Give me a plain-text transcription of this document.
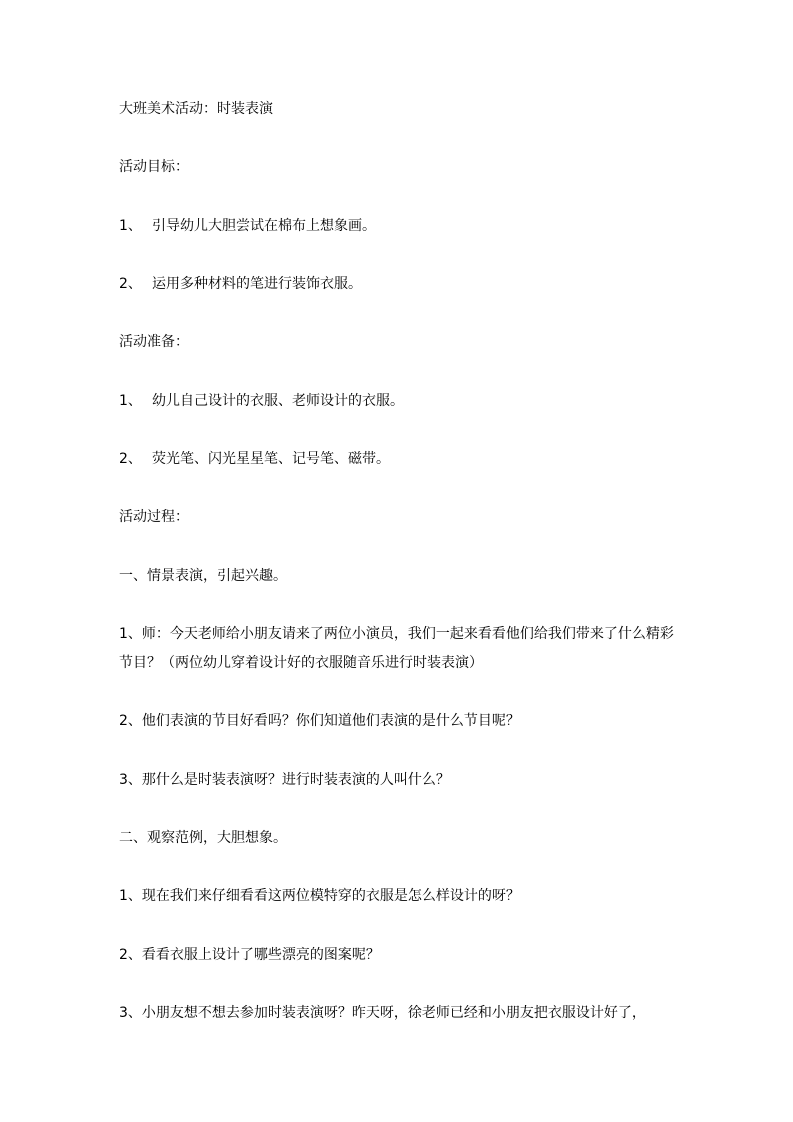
大班美术活动：时装表演
活动目标：
1、 引导幼儿大胆尝试在棉布上想象画。
2、 运用多种材料的笔进行装饰衣服。
活动准备：
1、 幼儿自己设计的衣服、老师设计的衣服。
2、 荧光笔、闪光星星笔、记号笔、磁带。
活动过程：
一、情景表演，引起兴趣。
1、师：今天老师给小朋友请来了两位小演员，我们一起来看看他们给我们带来了什么精彩
节目？（两位幼儿穿着设计好的衣服随音乐进行时装表演）
2、他们表演的节目好看吗？你们知道他们表演的是什么节目呢？
3、那什么是时装表演呀？进行时装表演的人叫什么？
二、观察范例，大胆想象。
1、现在我们来仔细看看这两位模特穿的衣服是怎么样设计的呀？
2、看看衣服上设计了哪些漂亮的图案呢？
3、小朋友想不想去参加时装表演呀？昨天呀，徐老师已经和小朋友把衣服设计好了，
